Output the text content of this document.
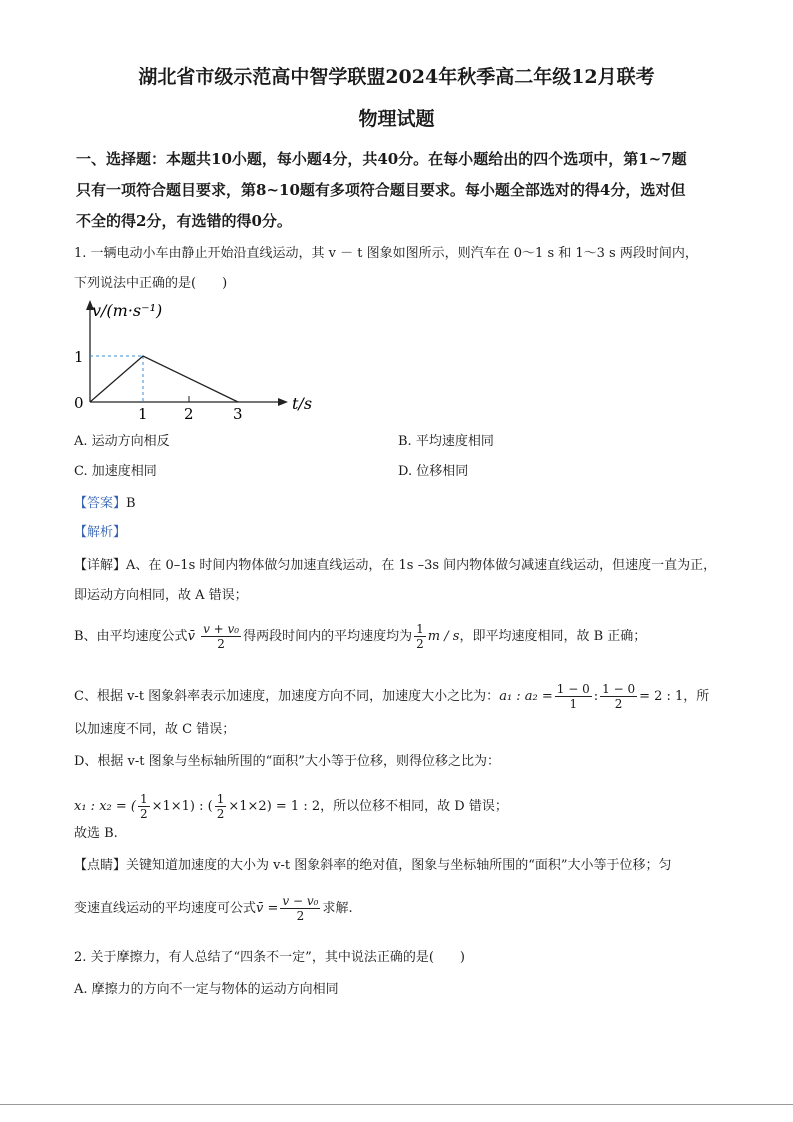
湖北省市级示范高中智学联盟2024年秋季高二年级12月联考
物理试题
一、选择题：本题共10小题，每小题4分，共40分。在每小题给出的四个选项中，第1~7题
只有一项符合题目要求，第8~10题有多项符合题目要求。每小题全部选对的得4分，选对但
不全的得2分，有选错的得0分。
1. 一辆电动小车由静止开始沿直线运动，其 v － t 图象如图所示，则汽车在 0～1 s 和 1～3 s 两段时间内，
下列说法中正确的是(　　)
v/(m·s⁻¹)
1
0
1 2	3
t/s
A. 运动方向相反	B. 平均速度相同
C. 加速度相同	D. 位移相同
【答案】B
【解析】
【详解】A、在 0–1s 时间内物体做匀加速直线运动，在 1s –3s 间内物体做匀减速直线运动，但速度一直为正，
即运动方向相同，故 A 错误；
B、由平均速度公式v̄ $\frac{\text{v + v₀}}{2}$ 得两段时间内的平均速度均为 $\frac{1}{2}$ m / s，即平均速度相同，故 B 正确；
C、根据 v-t 图象斜率表示加速度，加速度方向不同，加速度大小之比为：a₁ : $a_2 = \frac{1 - 0}{1}$ : $\frac{1 - 0}{2} = 2$ : 1，所
以加速度不同，故 C 错误；
D、根据 v-t 图象与坐标轴所围的“面积”大小等于位移，则得位移之比为：
x₁ : x₂ = ( $\frac{1}{2} \times 1\times 1$) : ( $\frac{1}{2} \times 1\times 2) = 1$ : 2，所以位移不相同，故 D 错误；
故选 B.
【点睛】关键知道加速度的大小为 v-t 图象斜率的绝对值，图象与坐标轴所围的“面积”大小等于位移；匀
变速直线运动的平均速度可公式v̄ = $\frac{\text{v − v₀}}{2}$ 求解.
2. 关于摩擦力，有人总结了“四条不一定”，其中说法正确的是(　　)
A. 摩擦力的方向不一定与物体的运动方向相同
